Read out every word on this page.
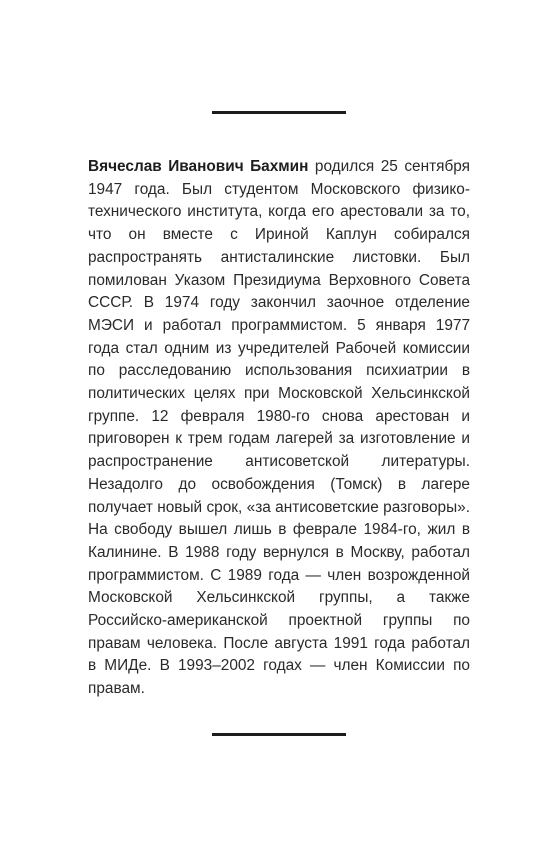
Вячеслав Иванович Бахмин родился 25 сентября 1947 года. Был студентом Московского физико-технического института, когда его арестовали за то, что он вместе с Ириной Каплун собирался распространять антисталинские листовки. Был помилован Указом Президиума Верховного Совета СССР. В 1974 году закончил заочное отделение МЭСИ и работал программистом. 5 января 1977 года стал одним из учредителей Рабочей комиссии по расследованию использования психиатрии в политических целях при Московской Хельсинкской группе. 12 февраля 1980-го снова арестован и приговорен к трем годам лагерей за изготовление и распространение антисоветской литературы. Незадолго до освобождения (Томск) в лагере получает новый срок, «за антисоветские разговоры». На свободу вышел лишь в феврале 1984-го, жил в Калинине. В 1988 году вернулся в Москву, работал программистом. С 1989 года — член возрожденной Московской Хельсинкской группы, а также Российско-американской проектной группы по правам человека. После августа 1991 года работал в МИДе. В 1993–2002 годах — член Комиссии по правам.
